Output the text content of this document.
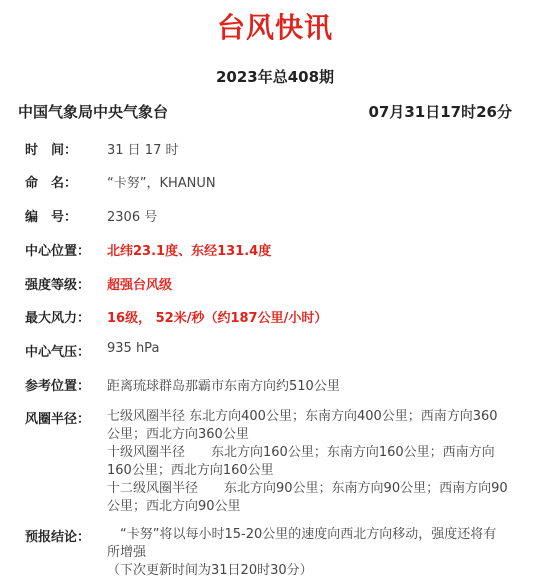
台风快讯
2023年总408期
中国气象局中央气象台	07月31日17时26分
时　间： 31 日 17 时
命　名： “卡努”，KHANUN
编　号： 2306 号
中心位置： 北纬23.1度、东经131.4度
强度等级： 超强台风级
最大风力： 16级， 52米/秒（约187公里/小时）
中心气压： 935 hPa
参考位置： 距离琉球群岛那霸市东南方向约510公里
风圈半径： 七级风圈半径 东北方向400公里；东南方向400公里；西南方向360
公里；西北方向360公里
十级风圈半径　　东北方向160公里；东南方向160公里；西南方向
160公里；西北方向160公里
十二级风圈半径　　东北方向90公里；东南方向90公里；西南方向90
公里；西北方向90公里
预报结论： 　“卡努”将以每小时15-20公里的速度向西北方向移动，强度还将有
所增强
（下次更新时间为31日20时30分）
